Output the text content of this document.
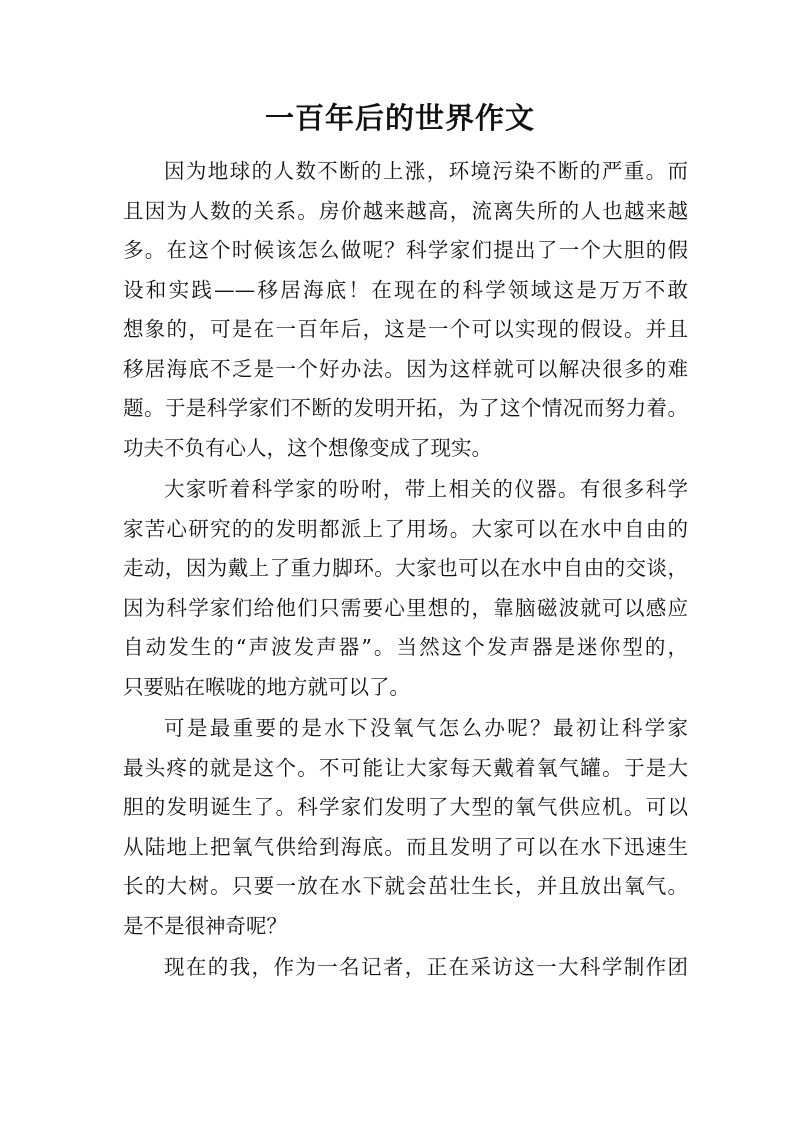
一百年后的世界作文
因为地球的人数不断的上涨，环境污染不断的严重。而
且因为人数的关系。房价越来越高，流离失所的人也越来越
多。在这个时候该怎么做呢？科学家们提出了一个大胆的假
设和实践——移居海底！在现在的科学领域这是万万不敢
想象的，可是在一百年后，这是一个可以实现的假设。并且
移居海底不乏是一个好办法。因为这样就可以解决很多的难
题。于是科学家们不断的发明开拓，为了这个情况而努力着。
功夫不负有心人，这个想像变成了现实。
大家听着科学家的吩咐，带上相关的仪器。有很多科学
家苦心研究的的发明都派上了用场。大家可以在水中自由的
走动，因为戴上了重力脚环。大家也可以在水中自由的交谈，
因为科学家们给他们只需要心里想的，靠脑磁波就可以感应
自动发生的“声波发声器”。当然这个发声器是迷你型的，
只要贴在喉咙的地方就可以了。
可是最重要的是水下没氧气怎么办呢？最初让科学家
最头疼的就是这个。不可能让大家每天戴着氧气罐。于是大
胆的发明诞生了。科学家们发明了大型的氧气供应机。可以
从陆地上把氧气供给到海底。而且发明了可以在水下迅速生
长的大树。只要一放在水下就会茁壮生长，并且放出氧气。
是不是很神奇呢？
现在的我，作为一名记者，正在采访这一大科学制作团
